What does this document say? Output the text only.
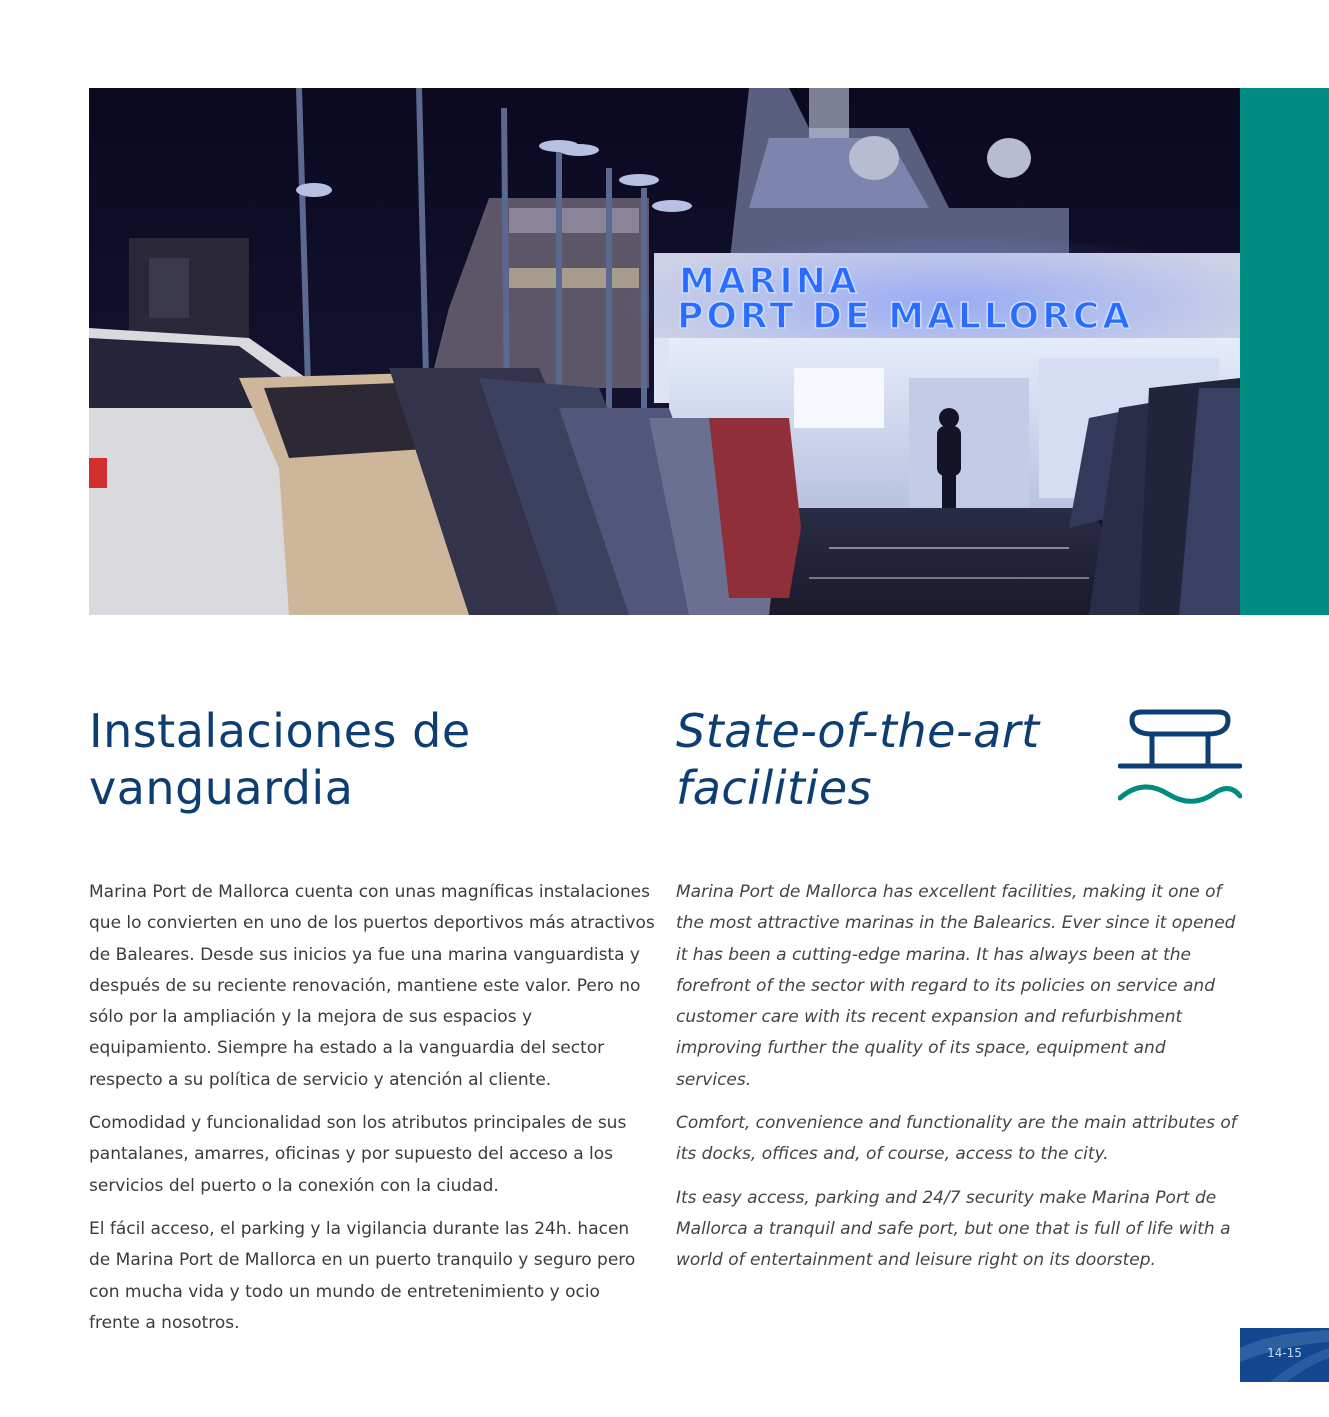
MARINA
PORT DE MALLORCA
Instalaciones de
vanguardia
State-of-the-art
facilities

Marina Port de Mallorca cuenta con unas magníficas instalaciones que lo convierten en uno de los puertos deportivos más atractivos de Baleares. Desde sus inicios ya fue una marina vanguardista y después de su reciente renovación, mantiene este valor. Pero no sólo por la ampliación y la mejora de sus espacios y equipamiento. Siempre ha estado a la vanguardia del sector respecto a su política de servicio y atención al cliente.

Comodidad y funcionalidad son los atributos principales de sus pantalanes, amarres, oficinas y por supuesto del acceso a los servicios del puerto o la conexión con la ciudad.

El fácil acceso, el parking y la vigilancia durante las 24h. hacen de Marina Port de Mallorca en un puerto tranquilo y seguro pero con mucha vida y todo un mundo de entretenimiento y ocio frente a nosotros.

Marina Port de Mallorca has excellent facilities, making it one of the most attractive marinas in the Balearics. Ever since it opened it has been a cutting-edge marina. It has always been at the forefront of the sector with regard to its policies on service and customer care with its recent expansion and refurbishment improving further the quality of its space, equipment and services.

Comfort, convenience and functionality are the main attributes of its docks, offices and, of course, access to the city.

Its easy access, parking and 24/7 security make Marina Port de Mallorca a tranquil and safe port, but one that is full of life with a world of entertainment and leisure right on its doorstep.

14-15
